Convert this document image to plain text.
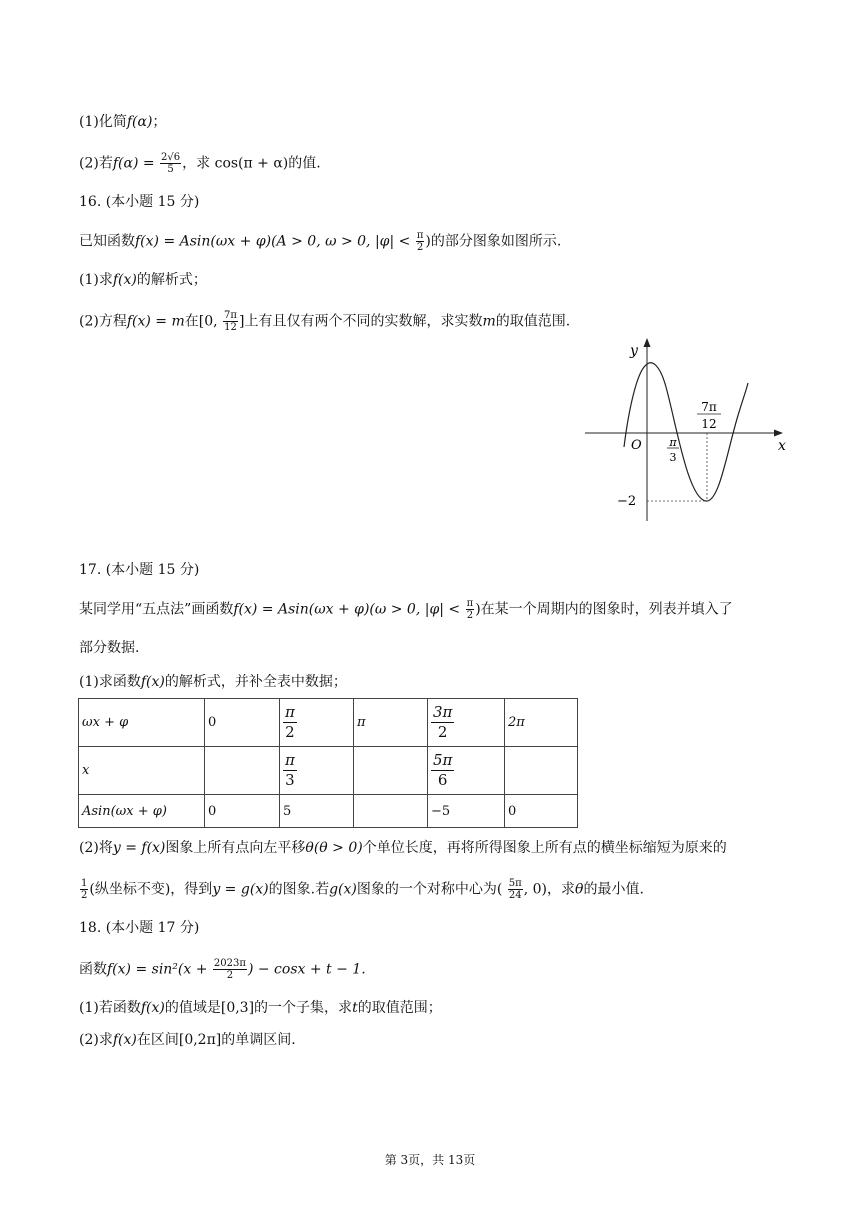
(1)化简f(α)；
(2)若$f(\alpha) = \frac{2√6}{5}$ ，求 cos(π + α)的值.
16. (本小题 15 分)
已知函数f(x) = Asin(ωx + φ)(A > 0, ω > 0, $|\varphi| < \frac{\pi}{2}$ )的部分图象如图所示.
(1)求f(x)的解析式；
(2)方程f(x) = m在[0, $\frac{7\pi}{12}$ ]上有且仅有两个不同的实数解，求实数m的取值范围.
y
x
O	π
3
7π
12
−2
17. (本小题 15 分)
某同学用“五点法”画函数f(x) = Asin(ωx + φ)(ω > 0, $|\varphi| < \frac{\pi}{2}$ )在某一个周期内的图象时，列表并填入了
部分数据.
(1)求函数f(x)的解析式，并补全表中数据；
ωx + φ	0	$\frac{\pi}{2}$	π	$\frac{3\pi}{2}$	2π
x		$\frac{\pi}{3}$		$\frac{5\pi}{6}$

Asin(ωx + φ)	0	5		−5	0
(2)将y = f(x)图象上所有点向左平移θ(θ > 0)个单位长度，再将所得图象上所有点的横坐标缩短为原来的
$\frac{1}{2}$ (纵坐标不变)，得到y = g(x)的图象.若g(x)图象的一个对称中心为( $\frac{5\pi}{24}$ , 0)，求θ的最小值.
18. (本小题 17 分)
函数$f(x) = \sin^2(x + \frac{2023\pi}{2}$ ) − cosx + t − 1.
(1)若函数f(x)的值域是[0,3]的一个子集，求t的取值范围；
(2)求f(x)在区间[0,2π]的单调区间.
第 3页，共 13页
